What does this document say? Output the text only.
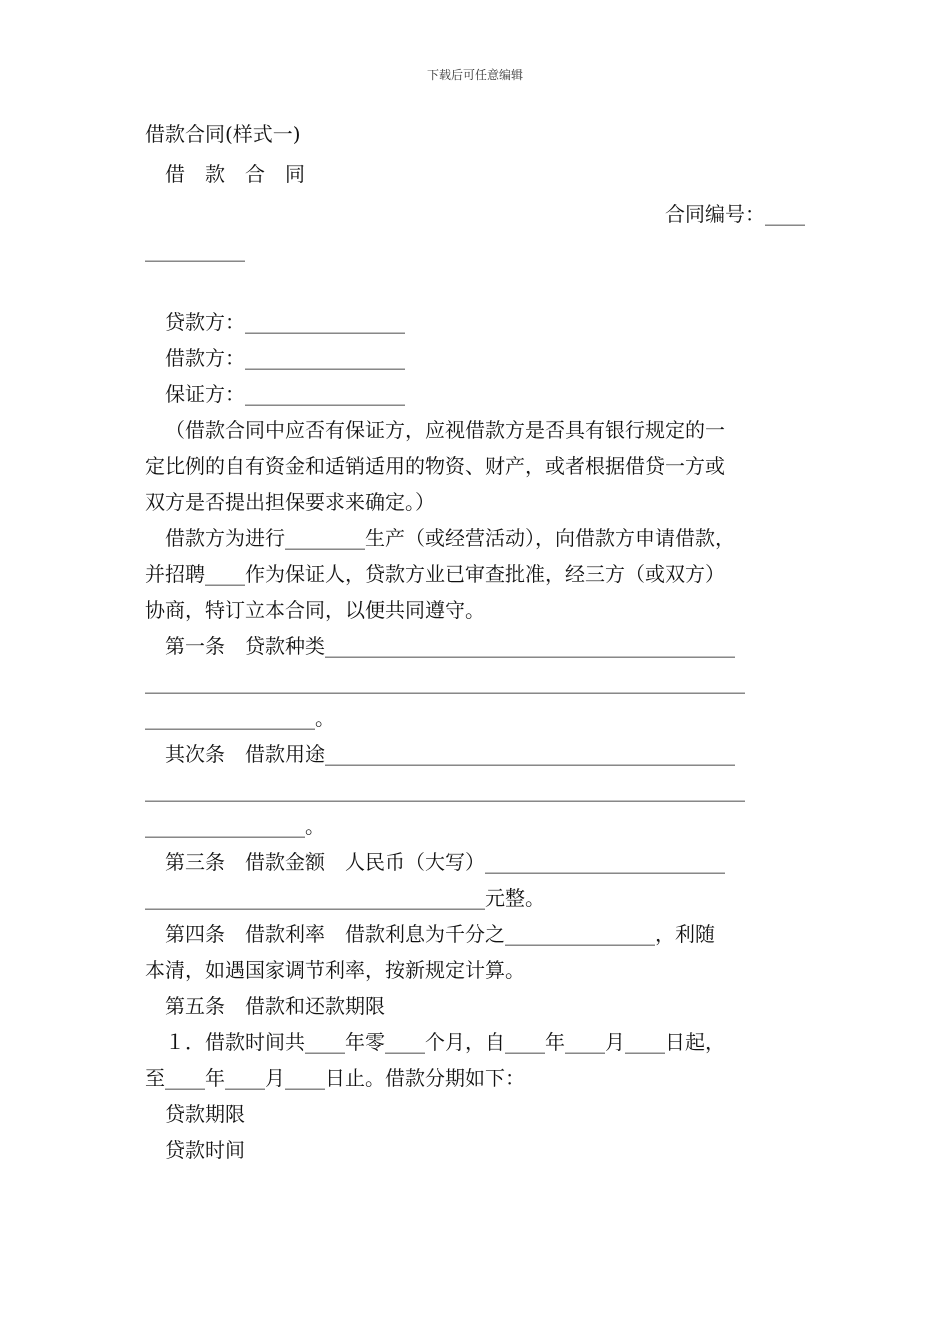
下载后可任意编辑
借款合同(样式一)
借　款　合　同
合同编号：____
__________
贷款方：________________
借款方：________________
保证方：________________
（借款合同中应否有保证方，应视借款方是否具有银行规定的一
定比例的自有资金和适销适用的物资、财产，或者根据借贷一方或
双方是否提出担保要求来确定。）
借款方为进行________生产（或经营活动），向借款方申请借款，
并招聘____作为保证人，贷款方业已审查批准，经三方（或双方）
协商，特订立本合同，以便共同遵守。
第一条　贷款种类_________________________________________
____________________________________________________________
_________________。
其次条　借款用途_________________________________________
____________________________________________________________
________________。
第三条　借款金额　人民币（大写）________________________
__________________________________元整。
第四条　借款利率　借款利息为千分之_______________，利随
本清，如遇国家调节利率，按新规定计算。
第五条　借款和还款期限
１．借款时间共____年零____个月，自____年____月____日起，
至____年____月____日止。借款分期如下：
贷款期限
贷款时间
